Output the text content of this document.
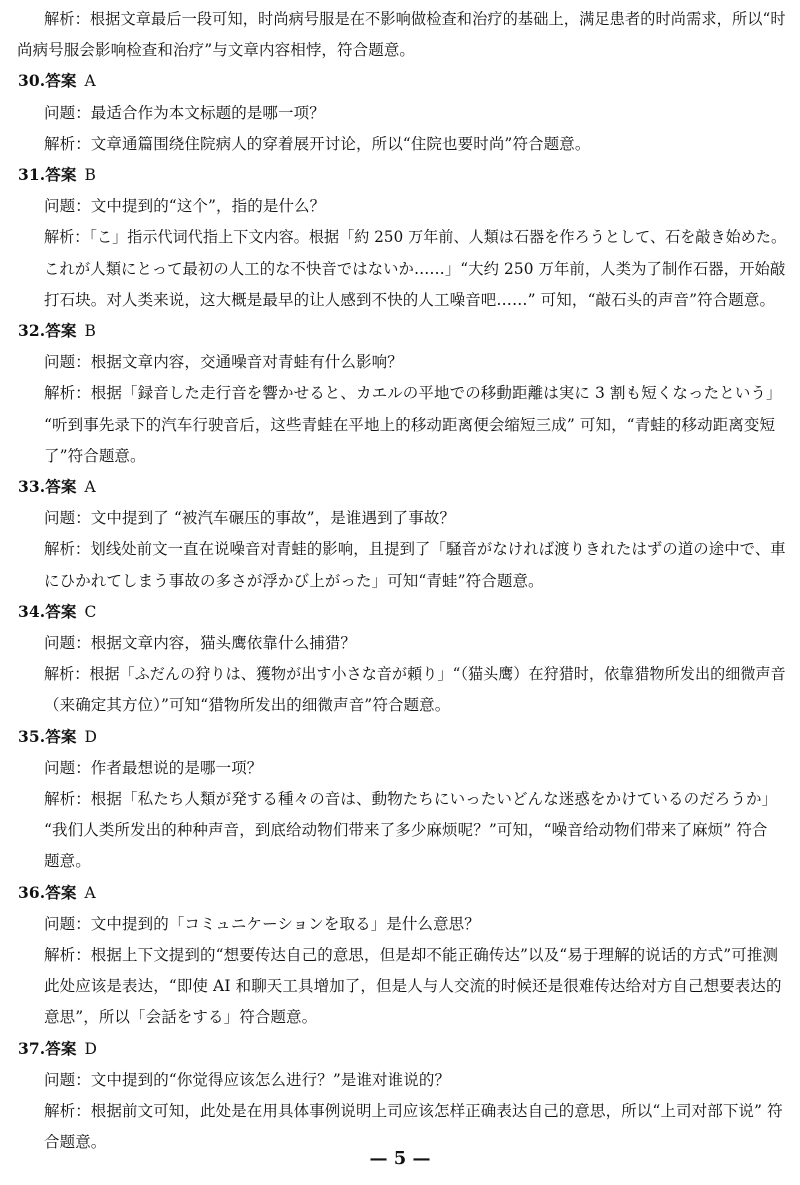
解析：根据文章最后一段可知，时尚病号服是在不影响做检查和治疗的基础上，满足患者的时尚需求，所以“时
尚病号服会影响检查和治疗”与文章内容相悖，符合题意。
30.答案 A
问题：最适合作为本文标题的是哪一项？
解析：文章通篇围绕住院病人的穿着展开讨论，所以“住院也要时尚”符合题意。
31.答案 B
问题：文中提到的“这个”，指的是什么？
解析：「こ」指示代词代指上下文内容。根据「約 250 万年前、人類は石器を作ろうとして、石を敲き始めた。
これが人類にとって最初の人工的な不快音ではないか……」“大约 250 万年前，人类为了制作石器，开始敲
打石块。对人类来说，这大概是最早的让人感到不快的人工噪音吧……” 可知，“敲石头的声音”符合题意。
32.答案 B
问题：根据文章内容，交通噪音对青蛙有什么影响？
解析：根据「録音した走行音を響かせると、カエルの平地での移動距離は実に 3 割も短くなったという」
“听到事先录下的汽车行驶音后，这些青蛙在平地上的移动距离便会缩短三成” 可知，“青蛙的移动距离变短
了”符合题意。
33.答案 A
问题：文中提到了 “被汽车碾压的事故”，是谁遇到了事故？
解析：划线处前文一直在说噪音对青蛙的影响，且提到了「騒音がなければ渡りきれたはずの道の途中で、車
にひかれてしまう事故の多さが浮かび上がった」可知“青蛙”符合题意。
34.答案 C
问题：根据文章内容，猫头鹰依靠什么捕猎？
解析：根据「ふだんの狩りは、獲物が出す小さな音が頼り」“（猫头鹰）在狩猎时，依靠猎物所发出的细微声音
（来确定其方位）”可知“猎物所发出的细微声音”符合题意。
35.答案 D
问题：作者最想说的是哪一项？
解析：根据「私たち人類が発する種々の音は、動物たちにいったいどんな迷惑をかけているのだろうか」
“我们人类所发出的种种声音，到底给动物们带来了多少麻烦呢？”可知，“噪音给动物们带来了麻烦” 符合
题意。
36.答案 A
问题：文中提到的「コミュニケーションを取る」是什么意思？
解析：根据上下文提到的“想要传达自己的意思，但是却不能正确传达”以及“易于理解的说话的方式”可推测
此处应该是表达，“即使 AI 和聊天工具增加了，但是人与人交流的时候还是很难传达给对方自己想要表达的
意思”，所以「会話をする」符合题意。
37.答案 D
问题：文中提到的“你觉得应该怎么进行？”是谁对谁说的？
解析：根据前文可知，此处是在用具体事例说明上司应该怎样正确表达自己的意思，所以“上司对部下说” 符
合题意。
— 5 —
